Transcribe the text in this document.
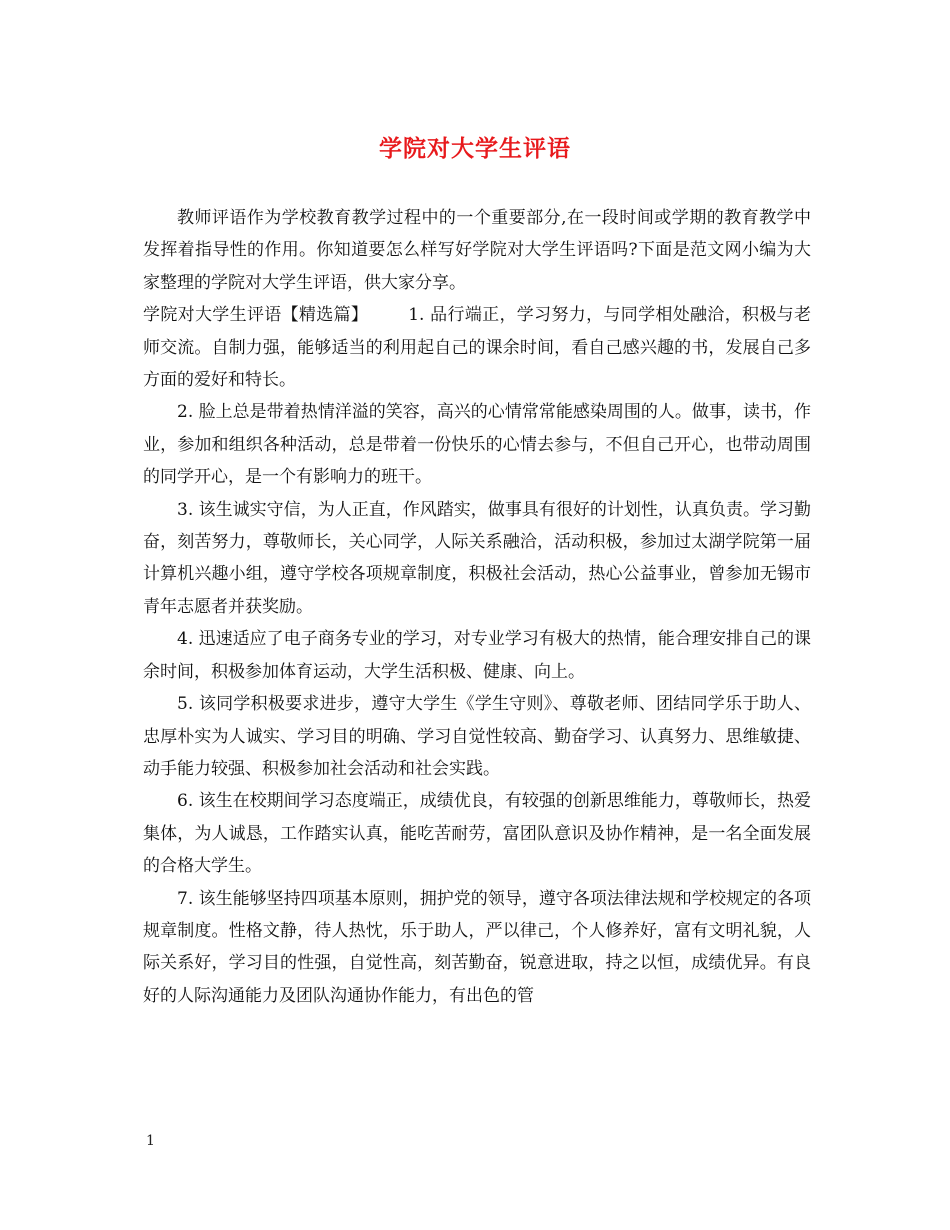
学院对大学生评语

教师评语作为学校教育教学过程中的一个重要部分,在一段时间或学期的教育教学中发挥着指导性的作用。你知道要怎么样写好学院对大学生评语吗?下面是范文网小编为大家整理的学院对大学生评语，供大家分享。

学院对大学生评语【精选篇】 1. 品行端正，学习努力，与同学相处融洽，积极与老师交流。自制力强，能够适当的利用起自己的课余时间，看自己感兴趣的书，发展自己多方面的爱好和特长。

2. 脸上总是带着热情洋溢的笑容，高兴的心情常常能感染周围的人。做事，读书，作业，参加和组织各种活动，总是带着一份快乐的心情去参与，不但自己开心，也带动周围的同学开心，是一个有影响力的班干。

3. 该生诚实守信，为人正直，作风踏实，做事具有很好的计划性，认真负责。学习勤奋，刻苦努力，尊敬师长，关心同学，人际关系融洽，活动积极，参加过太湖学院第一届计算机兴趣小组，遵守学校各项规章制度，积极社会活动，热心公益事业，曾参加无锡市青年志愿者并获奖励。

4. 迅速适应了电子商务专业的学习，对专业学习有极大的热情，能合理安排自己的课余时间，积极参加体育运动，大学生活积极、健康、向上。

5. 该同学积极要求进步，遵守大学生《学生守则》、尊敬老师、团结同学乐于助人、忠厚朴实为人诚实、学习目的明确、学习自觉性较高、勤奋学习、认真努力、思维敏捷、动手能力较强、积极参加社会活动和社会实践。

6. 该生在校期间学习态度端正，成绩优良，有较强的创新思维能力，尊敬师长，热爱集体，为人诚恳，工作踏实认真，能吃苦耐劳，富团队意识及协作精神，是一名全面发展的合格大学生。

7. 该生能够坚持四项基本原则，拥护党的领导，遵守各项法律法规和学校规定的各项规章制度。性格文静，待人热忱，乐于助人，严以律己，个人修养好，富有文明礼貌，人际关系好，学习目的性强，自觉性高，刻苦勤奋，锐意进取，持之以恒，成绩优异。有良好的人际沟通能力及团队沟通协作能力，有出色的管

1
